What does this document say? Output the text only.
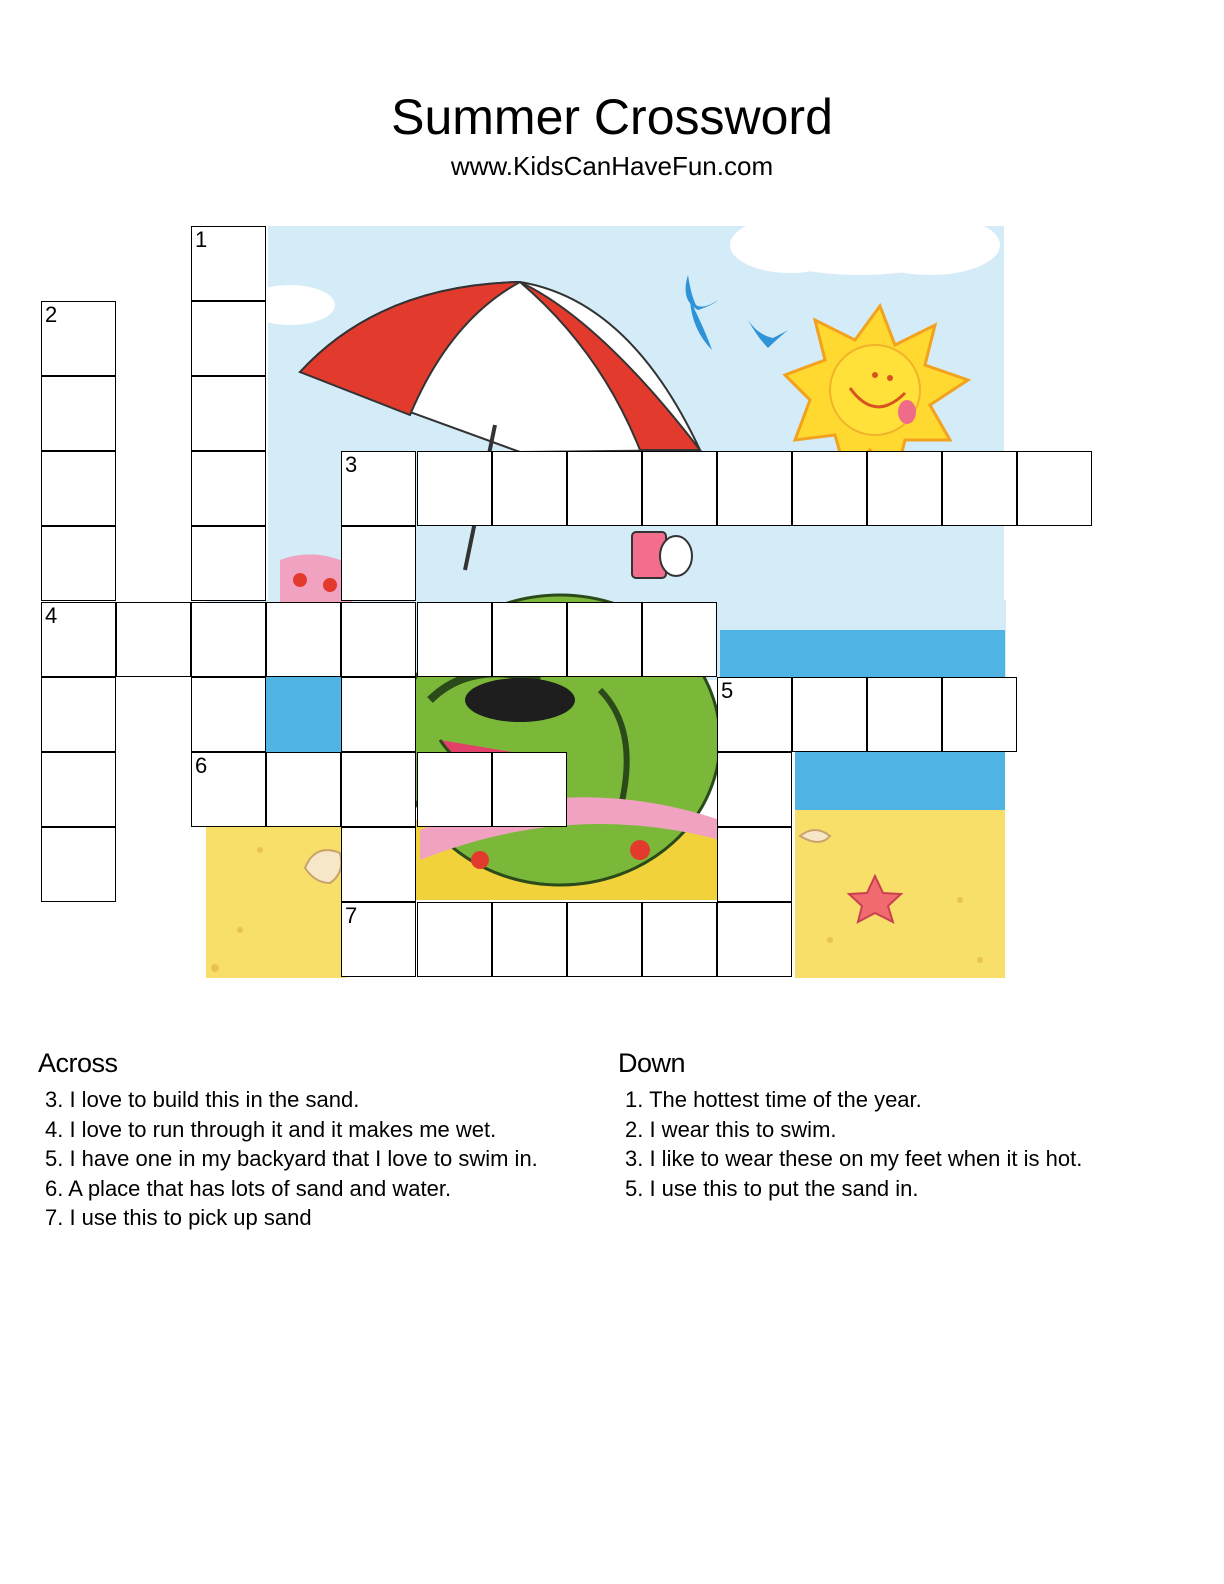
Summer Crossword
www.KidsCanHaveFun.com
1
6
2
4
3
7
5
Across
3. I love to build this in the sand.
4. I love to run through it and it makes me wet.
5. I have one in my backyard that I love to swim in.
6. A place that has lots of sand and water.
7. I use this to pick up sand
Down
1. The hottest time of the year.
2. I wear this to swim.
3. I like to wear these on my feet when it is hot.
5. I use this to put the sand in.
